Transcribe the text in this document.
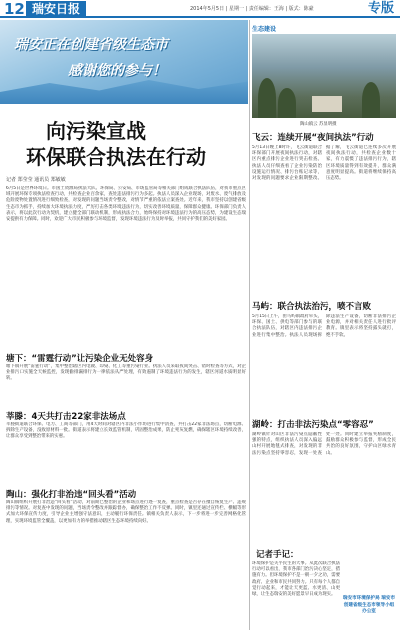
12 瑞安日报	2014年5月5日 | 星期一 | 责任编辑：王海 | 版式：陈豪	专版
瑞安正在创建省级生态市
感谢您的参与！
向污染宣战
环保联合执法在行动
记者 郑莹莹 通讯员 郑敏敏
6月5日是世界环境日。市国土资源局执法大队、环保局、公安局、市场监管局等相关部门组成联合执法队伍，对我市重点区域开展环保专项执法检查行动，共检查企业百余家，查处违法排污行为多起。执法人员深入企业现场，对废水、废气排放及危险废物处置情况进行细致检查，对发现的问题当场责令整改，对情节严重的依法立案查处。近年来，我市坚持以创建省级生态市为抓手，持续加大环境执法力度，严厉打击各类环境违法行为，切实改善环境质量，保障群众健康。环保部门负责人表示，将以此次行动为契机，建立健全部门联动机制，形成执法合力，始终保持对环境违法行为的高压态势，为建设生态瑞安提供有力保障。同时，欢迎广大市民积极参与环境监督，发现环境违法行为及时举报，共同守护我们的美好家园。
塘下：“雷霆行动”让污染企业无处容身
塘下镇开展“雷霆行动”，集中整治辖区内电镀、印染、化工等重污染行业。执法人员采取夜间突击、错时检查等方式，对企业排污口实施全天候监控，发现偷排漏排行为一律依法从严处理，有效遏制了环境违法行为的发生，辖区河道水质明显好转。
莘滕：4天共打击22家非法场点
莘塍街道联合环保、电力、工商等部门，用4天时间对辖区内非法小作坊进行集中清查，共打击22家非法场点，切断电源、拆除生产设备，没收原材料一批。街道表示将建立长效监管机制，巩固整治成果，防止死灰复燃，确保辖区环境持续改善，让群众享受到整治带来的实惠。
陶山：强化打非治违“回头看”活动
陶山镇组织开展打非治违“回头看”活动，对前期已整治的企业和场点进行逐一复查，重点检查是否存在擅自恢复生产、违规排污等情况。对复查中发现的问题，当场责令整改并跟踪督办，确保整治工作不反弹。同时，镇里还通过宣传栏、横幅等形式加大环保宣传力度，引导企业主增强守法意识，主动履行环保责任。镇相关负责人表示，下一步将进一步完善网格化管理，实现环境监管全覆盖，以更加有力的举措推动辖区生态环境持续向好。
生态建设
陶山镇云 苏显明摄
飞云：连续开展“夜间执法”行动
5月13日晚上8时许，飞云街道联合环保部门开展夜间执法行动，对辖区内重点排污企业进行突击检查。执法人员仔细查看了企业污染防治设施运行情况、排污台账记录等，对发现的问题要求企业限期整改。据了解，飞云街道已连续多次开展夜间执法行动，共检查企业数十家，有力震慑了违法排污行为，辖区环境质量得到有效提升，群众满意度明显提高。街道将继续保持高压态势。
马屿：联合执法治污，喷不言败
5月15日上午，由马屿镇政府牵头，环保、国土、供电等部门参与的联合执法队伍，对辖区内违法排污企业进行集中整治。执法人员现场拆除违法生产设备，切断非法排污企业电源，并对相关责任人进行批评教育。镇里表示将坚持露头就打，绝不手软。
湖岭：打击非法污染点“零容忍”
湖岭镇针对山区非法污染点隐蔽性强的特点，组织执法人员深入偏远山村开展地毯式排查，对发现的非法污染点坚持零容忍，发现一处查处一处。同时建立举报奖励制度，鼓励群众积极参与监督，形成全民共治的良好氛围，守护山区绿水青山。
记者手记：
环境保护是关乎民生的大事。从此次联合执法行动可以看出，我市各部门治污决心坚定，措施有力。但环境保护不是一朝一夕之功，需要政府、企业和市民共同努力。只有每个人都自觉行动起来，才能让天更蓝、水更清、山更绿，让生态瑞安的美好愿景早日成为现实。
瑞安市环境保护局 瑞安市创建省级生态市领导小组办公室
